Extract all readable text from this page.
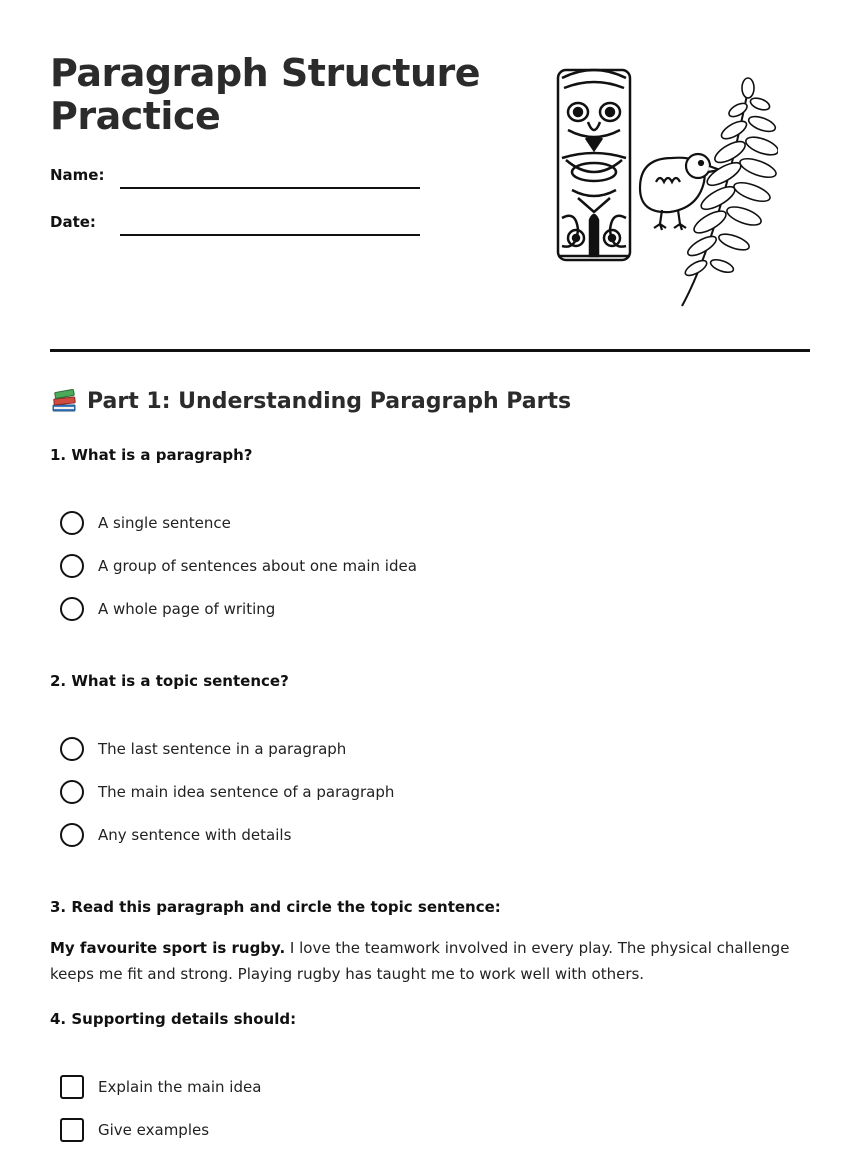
Paragraph Structure Practice
Name:
Date:
Part 1: Understanding Paragraph Parts
1. What is a paragraph?
A single sentence
A group of sentences about one main idea
A whole page of writing
2. What is a topic sentence?
The last sentence in a paragraph
The main idea sentence of a paragraph
Any sentence with details
3. Read this paragraph and circle the topic sentence:

My favourite sport is rugby. I love the teamwork involved in every play. The physical challenge keeps me fit and strong. Playing rugby has taught me to work well with others.

4. Supporting details should:
Explain the main idea
Give examples
